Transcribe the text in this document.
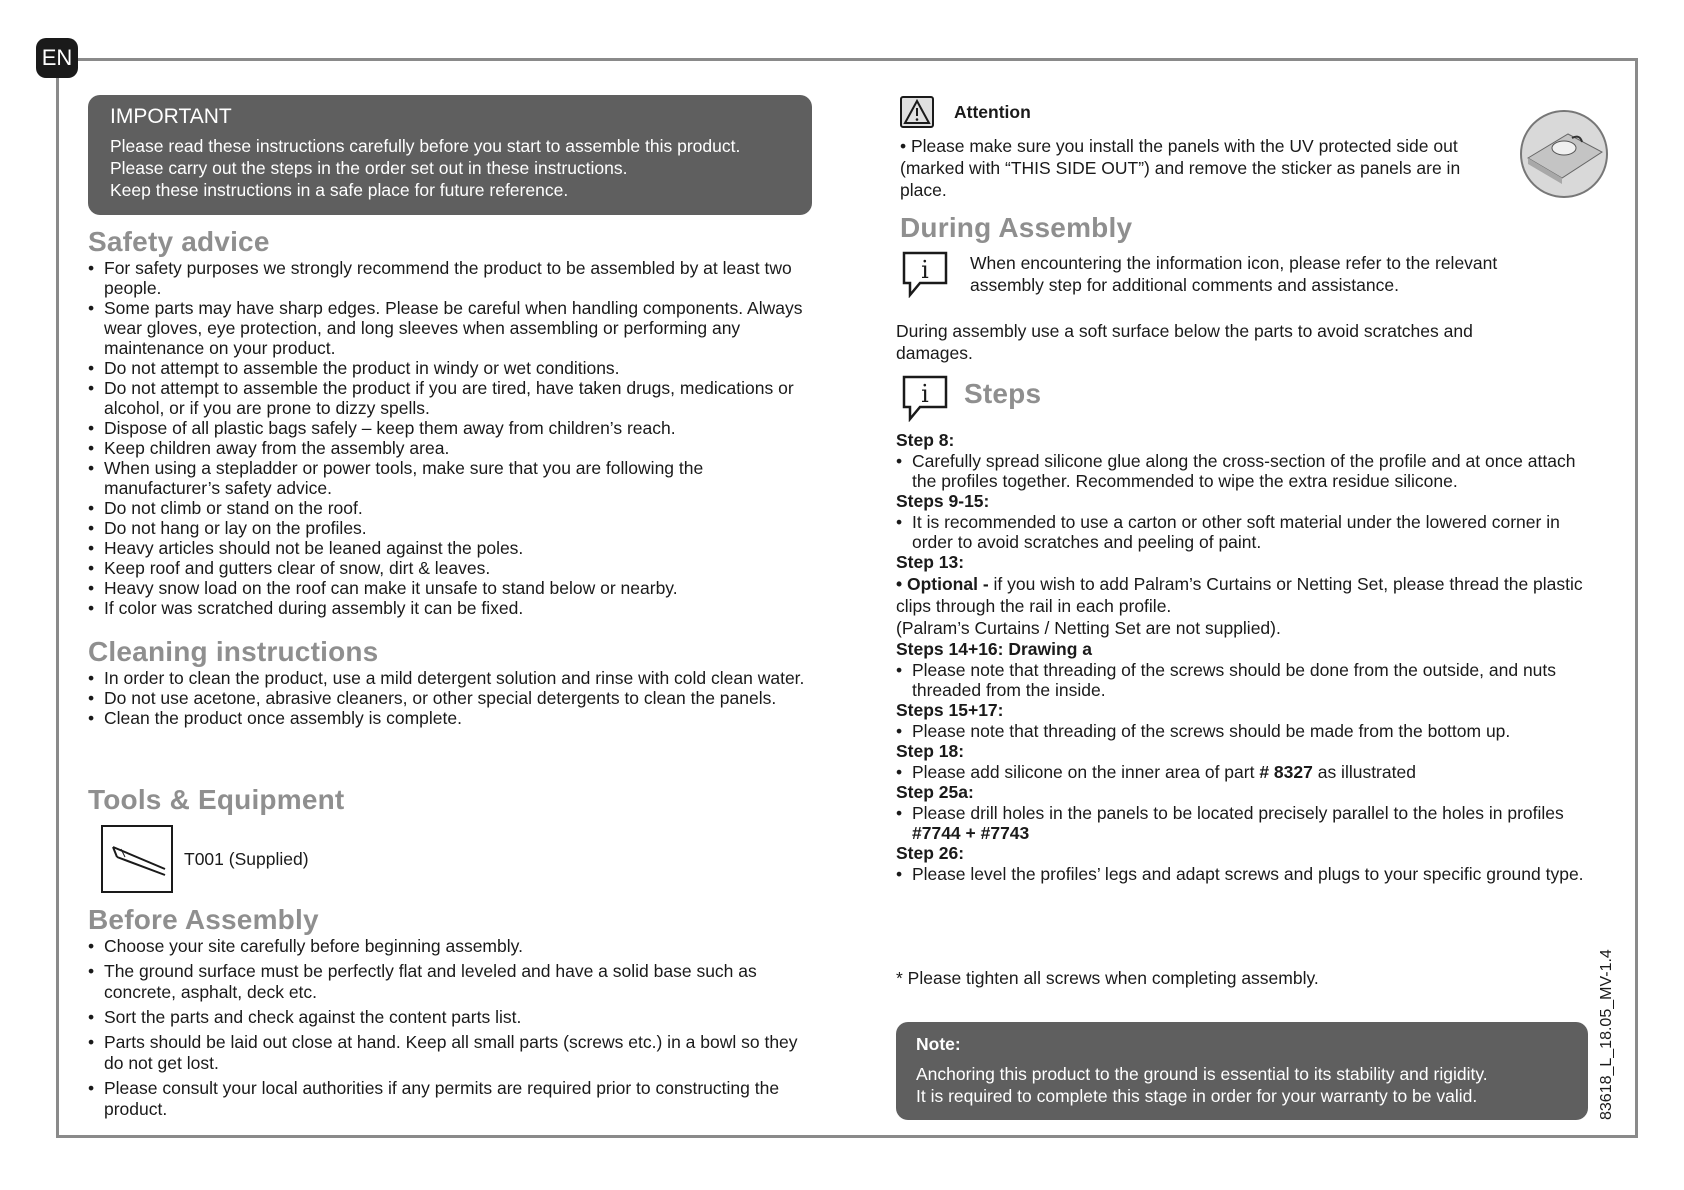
EN
IMPORTANT
Please read these instructions carefully before you start to assemble this product.
Please carry out the steps in the order set out in these instructions.
Keep these instructions in a safe place for future reference.
Safety advice
• For safety purposes we strongly recommend the product to be assembled by at least two people.
• Some parts may have sharp edges. Please be careful when handling components. Always wear gloves, eye protection, and long sleeves when assembling or performing any maintenance on your product.
• Do not attempt to assemble the product in windy or wet conditions.
• Do not attempt to assemble the product if you are tired, have taken drugs, medications or alcohol, or if you are prone to dizzy spells.
• Dispose of all plastic bags safely – keep them away from children’s reach.
• Keep children away from the assembly area.
• When using a stepladder or power tools, make sure that you are following the manufacturer’s safety advice.
• Do not climb or stand on the roof.
• Do not hang or lay on the profiles.
• Heavy articles should not be leaned against the poles.
• Keep roof and gutters clear of snow, dirt & leaves.
• Heavy snow load on the roof can make it unsafe to stand below or nearby.
• If color was scratched during assembly it can be fixed.
Cleaning instructions
• In order to clean the product, use a mild detergent solution and rinse with cold clean water.
• Do not use acetone, abrasive cleaners, or other special detergents to clean the panels.
• Clean the product once assembly is complete.
Tools & Equipment
T001 (Supplied)
Before Assembly
• Choose your site carefully before beginning assembly.
• The ground surface must be perfectly flat and leveled and have a solid base such as concrete, asphalt, deck etc.
• Sort the parts and check against the content parts list.
• Parts should be laid out close at hand. Keep all small parts (screws etc.) in a bowl so they do not get lost.
• Please consult your local authorities if any permits are required prior to constructing the product.
Attention
• Please make sure you install the panels with the UV protected side out (marked with “THIS SIDE OUT”) and remove the sticker as panels are in place.
During Assembly
i When encountering the information icon, please refer to the relevant assembly step for additional comments and assistance.
During assembly use a soft surface below the parts to avoid scratches and damages.
i Steps
Step 8:
• Carefully spread silicone glue along the cross-section of the profile and at once attach the profiles together. Recommended to wipe the extra residue silicone.
Steps 9-15:
• It is recommended to use a carton or other soft material under the lowered corner in order to avoid scratches and peeling of paint.
Step 13:
• Optional - if you wish to add Palram’s Curtains or Netting Set, please thread the plastic clips through the rail in each profile.
(Palram’s Curtains / Netting Set are not supplied).
Steps 14+16: Drawing a
• Please note that threading of the screws should be done from the outside, and nuts threaded from the inside.
Steps 15+17:
• Please note that threading of the screws should be made from the bottom up.
Step 18:
• Please add silicone on the inner area of part # 8327 as illustrated
Step 25a:
• Please drill holes in the panels to be located precisely parallel to the holes in profiles #7744 + #7743
Step 26:
• Please level the profiles’ legs and adapt screws and plugs to your specific ground type.
* Please tighten all screws when completing assembly.
Note:
Anchoring this product to the ground is essential to its stability and rigidity.
It is required to complete this stage in order for your warranty to be valid.	83618_L_18.05_MV-1.4
